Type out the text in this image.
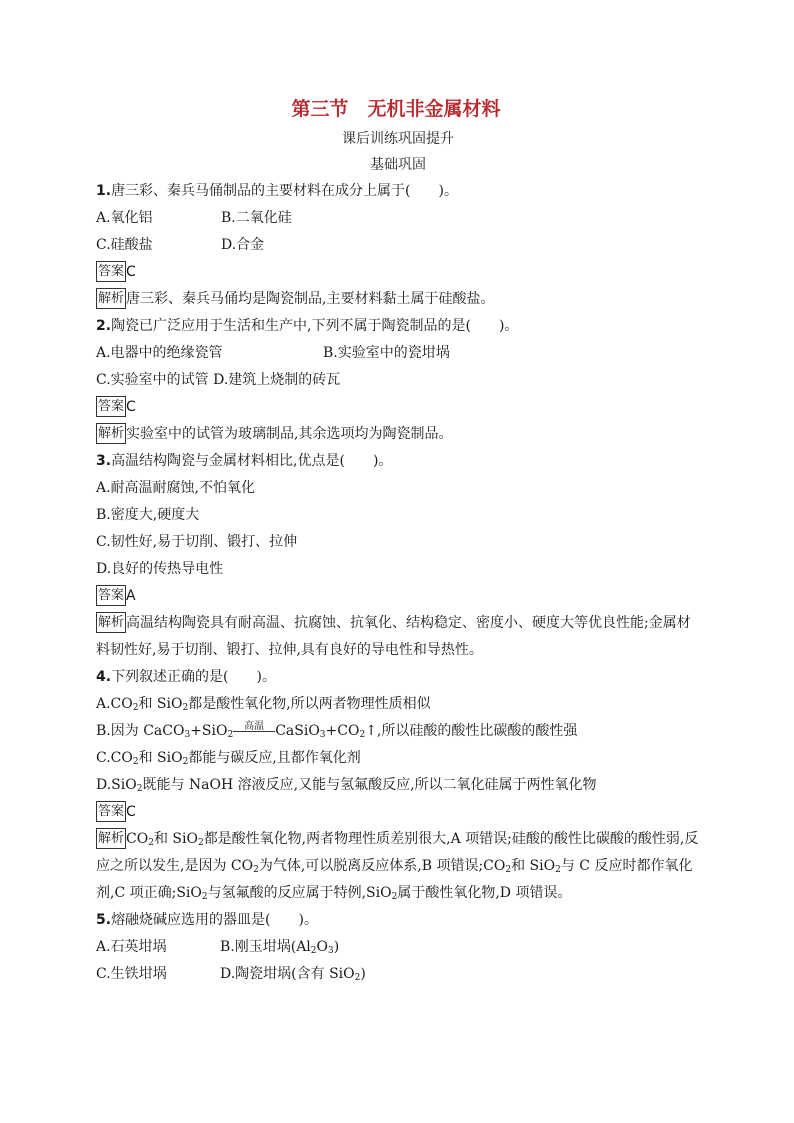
第三节　无机非金属材料
课后训练巩固提升
基础巩固
1.唐三彩、秦兵马俑制品的主要材料在成分上属于(　　)。
A.氧化铝	B.二氧化硅
C.硅酸盐	D.合金
答案 C
解析 唐三彩、秦兵马俑均是陶瓷制品,主要材料黏土属于硅酸盐。
2.陶瓷已广泛应用于生活和生产中,下列不属于陶瓷制品的是(　　)。
A.电器中的绝缘瓷管	B.实验室中的瓷坩埚
C.实验室中的试管 D.建筑上烧制的砖瓦
答案 C
解析 实验室中的试管为玻璃制品,其余选项均为陶瓷制品。
3.高温结构陶瓷与金属材料相比,优点是(　　)。
A.耐高温耐腐蚀,不怕氧化
B.密度大,硬度大
C.韧性好,易于切削、锻打、拉伸
D.良好的传热导电性
答案 A
解析 高温结构陶瓷具有耐高温、抗腐蚀、抗氧化、结构稳定、密度小、硬度大等优良性能;金属材
料韧性好,易于切削、锻打、拉伸,具有良好的导电性和导热性。
4.下列叙述正确的是(　　)。
$A.CO_2$和 SiO$_2$都是酸性氧化物,所以两者物理性质相似
B.因为 CaCO$_3$+SiO$_2$
高温 $CaSiO_3+CO_2↑$,所以硅酸的酸性比碳酸的酸性强
$C.CO_2$和 SiO$_2$都能与碳反应,且都作氧化剂
D.SiO$_2$既能与 NaOH 溶液反应,又能与氢氟酸反应,所以二氧化硅属于两性氧化物
答案 C
解析 $CO_2$和 SiO$_2$都是酸性氧化物,两者物理性质差别很大,A 项错误;硅酸的酸性比碳酸的酸性弱,反
应之所以发生,是因为 $CO_2$为气体,可以脱离反应体系,B 项错误$;CO_2$和 SiO$_2$与 C 反应时都作氧化
剂,C 项正确;SiO$_2$与氢氟酸的反应属于特例,SiO$_2$属于酸性氧化物,D 项错误。
5.熔融烧碱应选用的器皿是(　　)。
A.石英坩埚	B.刚玉坩埚$(Al_2O_3)$
C.生铁坩埚	D.陶瓷坩埚(含有 SiO$_2$)
